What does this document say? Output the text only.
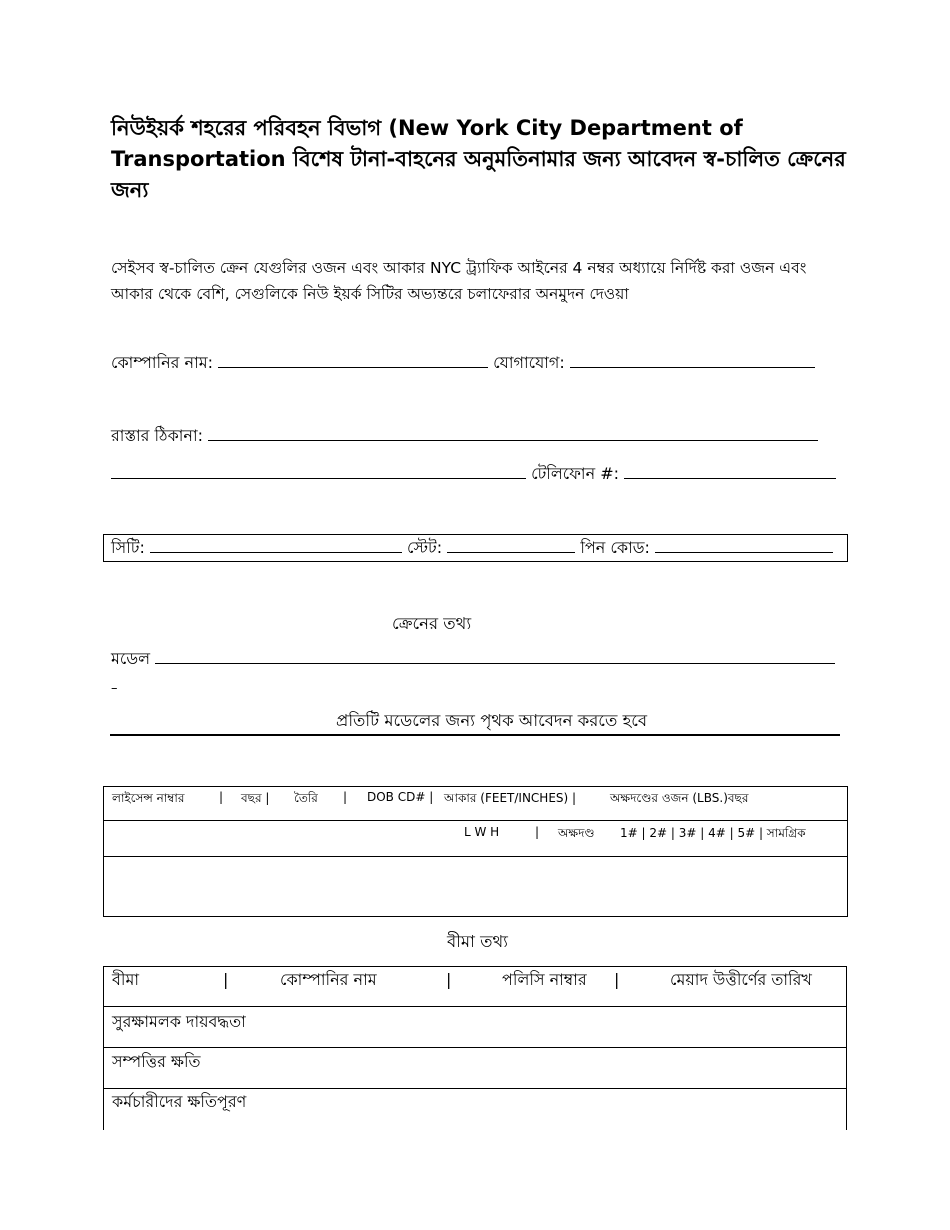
নিউইয়র্ক শহরের পরিবহন বিভাগ (New York City Department of Transportation বিশেষ টানা-বাহনের অনুমতিনামার জন্য আবেদন স্ব-চালিত ক্রেনের জন্য
সেইসব স্ব-চালিত ক্রেন যেগুলির ওজন এবং আকার NYC ট্র্যাফিক আইনের 4 নম্বর অধ্যায়ে নির্দিষ্ট করা ওজন এবং আকার থেকে বেশি, সেগুলিকে নিউ ইয়র্ক সিটির অভ্যন্তরে চলাফেরার অনমুদন দেওয়া
কোম্পানির নাম:	যোগাযোগ:
রাস্তার ঠিকানা:
টেলিফোন #:
সিটি:	স্টেট:	পিন কোড:
ক্রেনের তথ্য
মডেল
–
প্রতিটি মডেলের জন্য পৃথক আবেদন করতে হবে
লাইসেন্স নাম্বার	| বছর | তৈরি | DOB CD# | আকার (FEET/INCHES) |	অক্ষদণ্ডের ওজন (LBS.)বছর
L W H	| অক্ষদণ্ড 1# | 2# | 3# | 4# | 5# | সামগ্রিক
বীমা তথ্য
বীমা	|	কোম্পানির নাম	|	পলিসি নাম্বার |	মেয়াদ উত্তীর্ণের তারিখ
সুরক্ষামলক দায়বদ্ধতা
সম্পত্তির ক্ষতি
কর্মচারীদের ক্ষতিপূরণ
